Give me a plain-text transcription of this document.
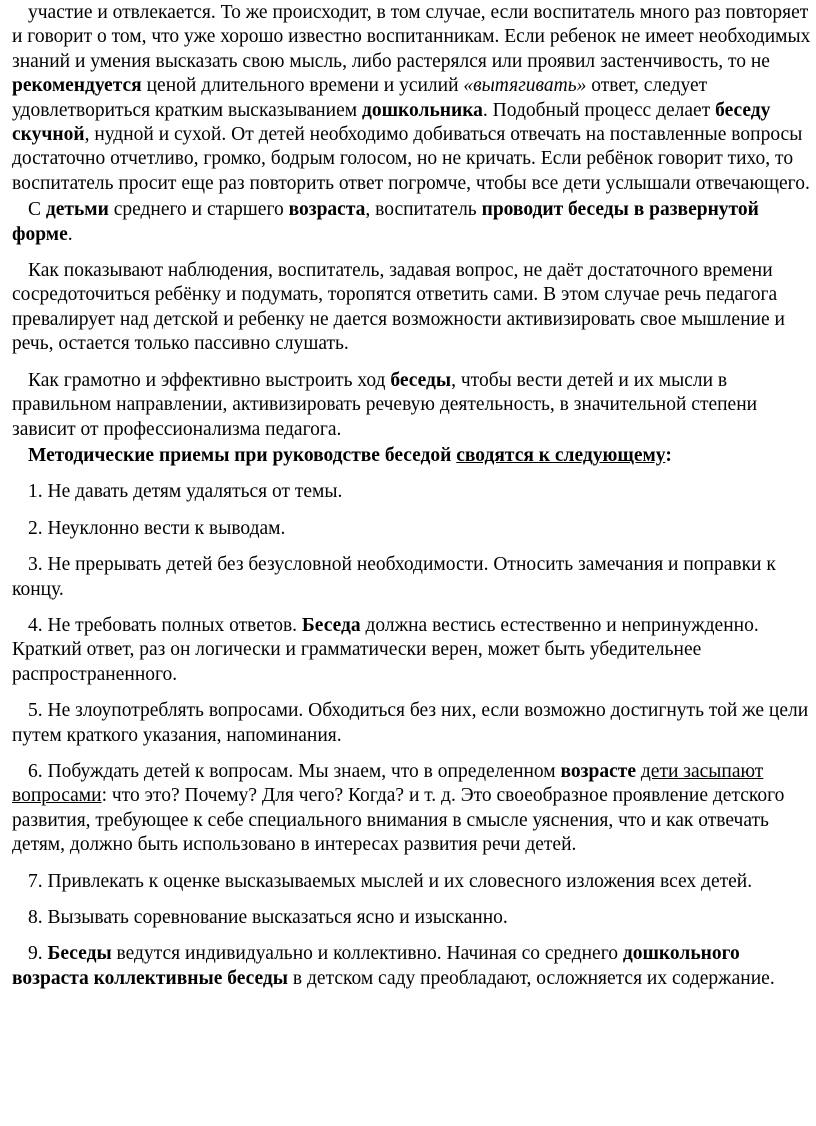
участие и отвлекается. То же происходит, в том случае, если воспитатель много раз повторяет и говорит о том, что уже хорошо известно воспитанникам. Если ребенок не имеет необходимых знаний и умения высказать свою мысль, либо растерялся или проявил застенчивость, то не рекомендуется ценой длительного времени и усилий «вытягивать» ответ, следует удовлетвориться кратким высказыванием дошкольника. Подобный процесс делает беседу скучной, нудной и сухой. От детей необходимо добиваться отвечать на поставленные вопросы достаточно отчетливо, громко, бодрым голосом, но не кричать. Если ребёнок говорит тихо, то воспитатель просит еще раз повторить ответ погромче, чтобы все дети услышали отвечающего.

С детьми среднего и старшего возраста, воспитатель проводит беседы в развернутой форме.

Как показывают наблюдения, воспитатель, задавая вопрос, не даёт достаточного времени сосредоточиться ребёнку и подумать, торопятся ответить сами. В этом случае речь педагога превалирует над детской и ребенку не дается возможности активизировать свое мышление и речь, остается только пассивно слушать.

Как грамотно и эффективно выстроить ход беседы, чтобы вести детей и их мысли в правильном направлении, активизировать речевую деятельность, в значительной степени зависит от профессионализма педагога.

Методические приемы при руководстве беседой сводятся к следующему:

1. Не давать детям удаляться от темы.

2. Неуклонно вести к выводам.

3. Не прерывать детей без безусловной необходимости. Относить замечания и поправки к концу.

4. Не требовать полных ответов. Беседа должна вестись естественно и непринужденно. Краткий ответ, раз он логически и грамматически верен, может быть убедительнее распространенного.

5. Не злоупотреблять вопросами. Обходиться без них, если возможно достигнуть той же цели путем краткого указания, напоминания.

6. Побуждать детей к вопросам. Мы знаем, что в определенном возрасте дети засыпают вопросами: что это? Почему? Для чего? Когда? и т. д. Это своеобразное проявление детского развития, требующее к себе специального внимания в смысле уяснения, что и как отвечать детям, должно быть использовано в интересах развития речи детей.

7. Привлекать к оценке высказываемых мыслей и их словесного изложения всех детей.

8. Вызывать соревнование высказаться ясно и изысканно.

9. Беседы ведутся индивидуально и коллективно. Начиная со среднего дошкольного возраста коллективные беседы в детском саду преобладают, осложняется их содержание.
